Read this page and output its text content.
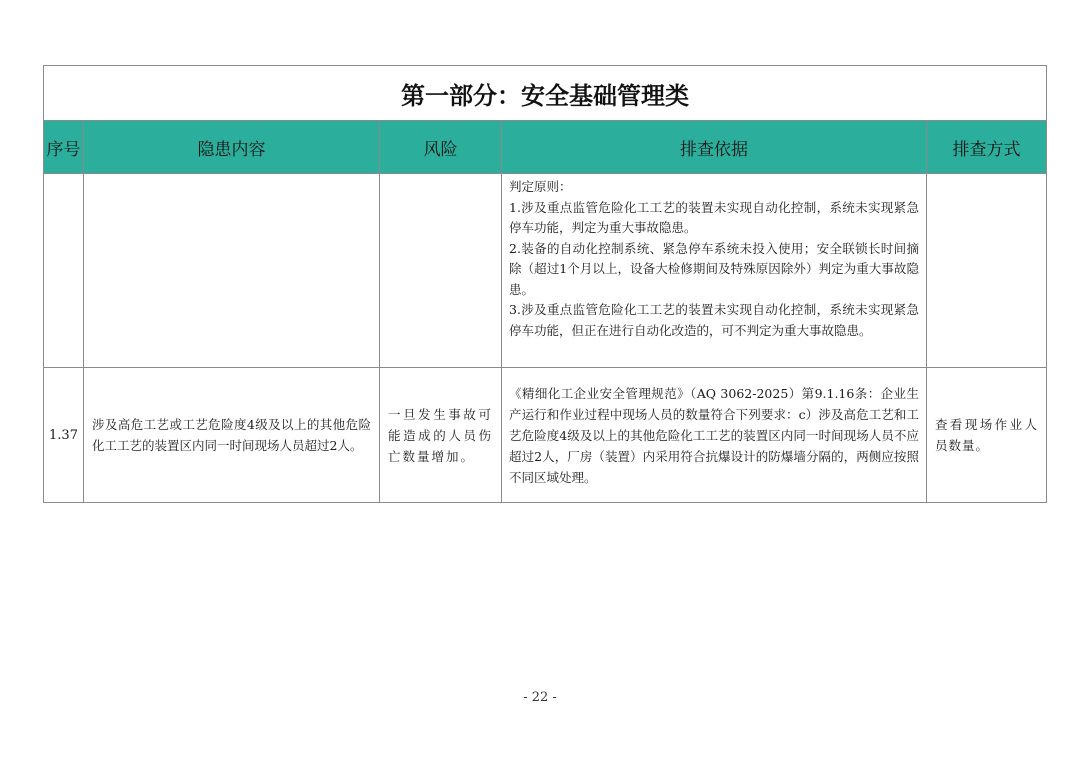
第一部分：安全基础管理类				
序号	隐患内容	风险	排查依据	排查方式

			判定原则：

1.涉及重点监管危险化工工艺的装置未实现自动化控制，系统未实现紧急停车功能，判定为重大事故隐患。

2.装备的自动化控制系统、紧急停车系统未投入使用；安全联锁长时间摘除（超过1个月以上，设备大检修期间及特殊原因除外）判定为重大事故隐患。

3.涉及重点监管危险化工工艺的装置未实现自动化控制，系统未实现紧急停车功能，但正在进行自动化改造的，可不判定为重大事故隐患。	

1.37	涉及高危工艺或工艺危险度4级及以上的其他危险化工工艺的装置区内同一时间现场人员超过2人。	一旦发生事故可能造成的人员伤亡数量增加。	《精细化工企业安全管理规范》（AQ 3062-2025）第9.1.16条：企业生产运行和作业过程中现场人员的数量符合下列要求：c）涉及高危工艺和工艺危险度4级及以上的其他危险化工工艺的装置区内同一时间现场人员不应超过2人，厂房（装置）内采用符合抗爆设计的防爆墙分隔的，两侧应按照不同区域处理。	查看现场作业人员数量。
- 22 -
